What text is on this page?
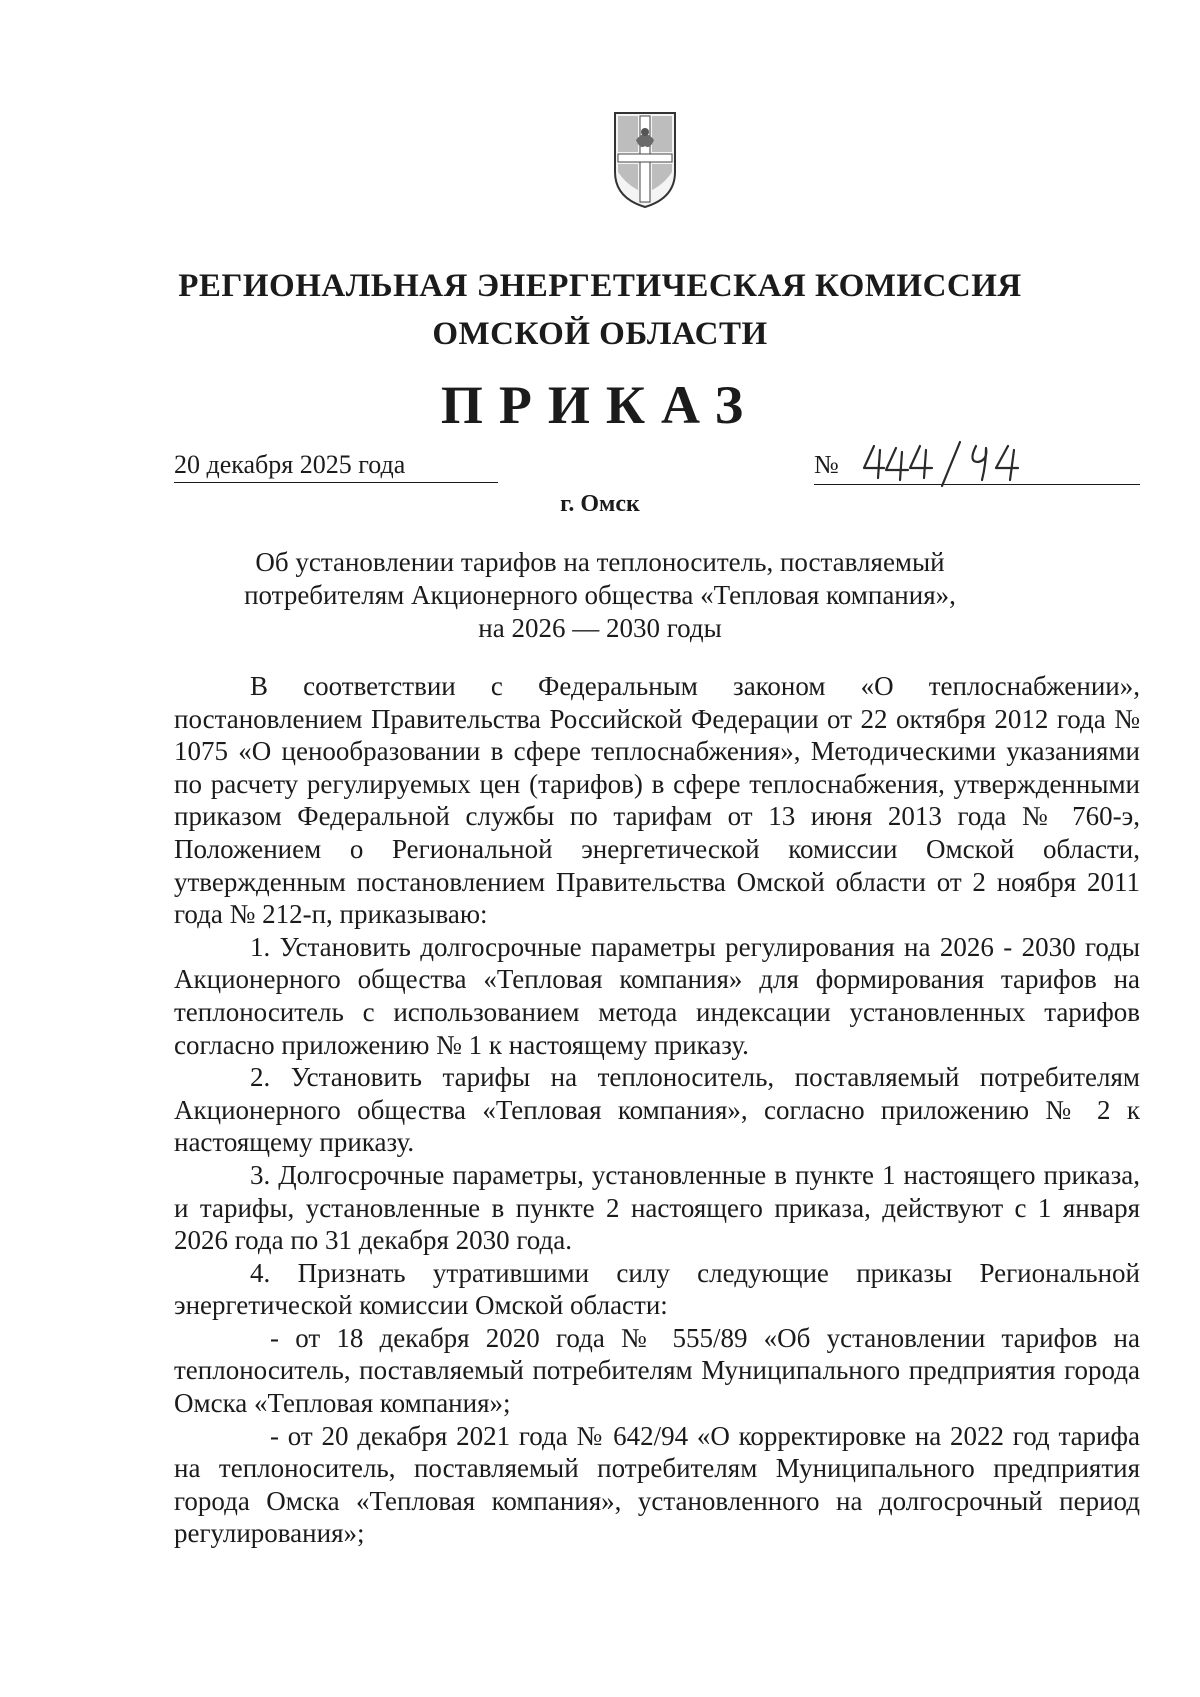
РЕГИОНАЛЬНАЯ ЭНЕРГЕТИЧЕСКАЯ КОМИССИЯ
ОМСКОЙ ОБЛАСТИ
ПРИКАЗ
20 декабря 2025 года	№
г. Омск
Об установлении тарифов на теплоноситель, поставляемый
потребителям Акционерного общества «Тепловая компания»,
на 2026 — 2030 годы

В соответствии с Федеральным законом «О теплоснабжении», постановлением Правительства Российской Федерации от 22 октября 2012 года № 1075 «О ценообразовании в сфере теплоснабжения», Методическими указаниями по расчету регулируемых цен (тарифов) в сфере теплоснабжения, утвержденными приказом Федеральной службы по тарифам от 13 июня 2013 года № 760-э, Положением о Региональной энергетической комиссии Омской области, утвержденным постановлением Правительства Омской области от 2 ноября 2011 года № 212-п, приказываю:

1. Установить долгосрочные параметры регулирования на 2026 - 2030 годы Акционерного общества «Тепловая компания» для формирования тарифов на теплоноситель с использованием метода индексации установленных тарифов согласно приложению № 1 к настоящему приказу.

2. Установить тарифы на теплоноситель, поставляемый потребителям Акционерного общества «Тепловая компания», согласно приложению № 2 к настоящему приказу.

3. Долгосрочные параметры, установленные в пункте 1 настоящего приказа, и тарифы, установленные в пункте 2 настоящего приказа, действуют с 1 января 2026 года по 31 декабря 2030 года.

4. Признать утратившими силу следующие приказы Региональной энергетической комиссии Омской области:

- от 18 декабря 2020 года № 555/89 «Об установлении тарифов на теплоноситель, поставляемый потребителям Муниципального предприятия города Омска «Тепловая компания»;

- от 20 декабря 2021 года № 642/94 «О корректировке на 2022 год тарифа на теплоноситель, поставляемый потребителям Муниципального предприятия города Омска «Тепловая компания», установленного на долгосрочный период регулирования»;
